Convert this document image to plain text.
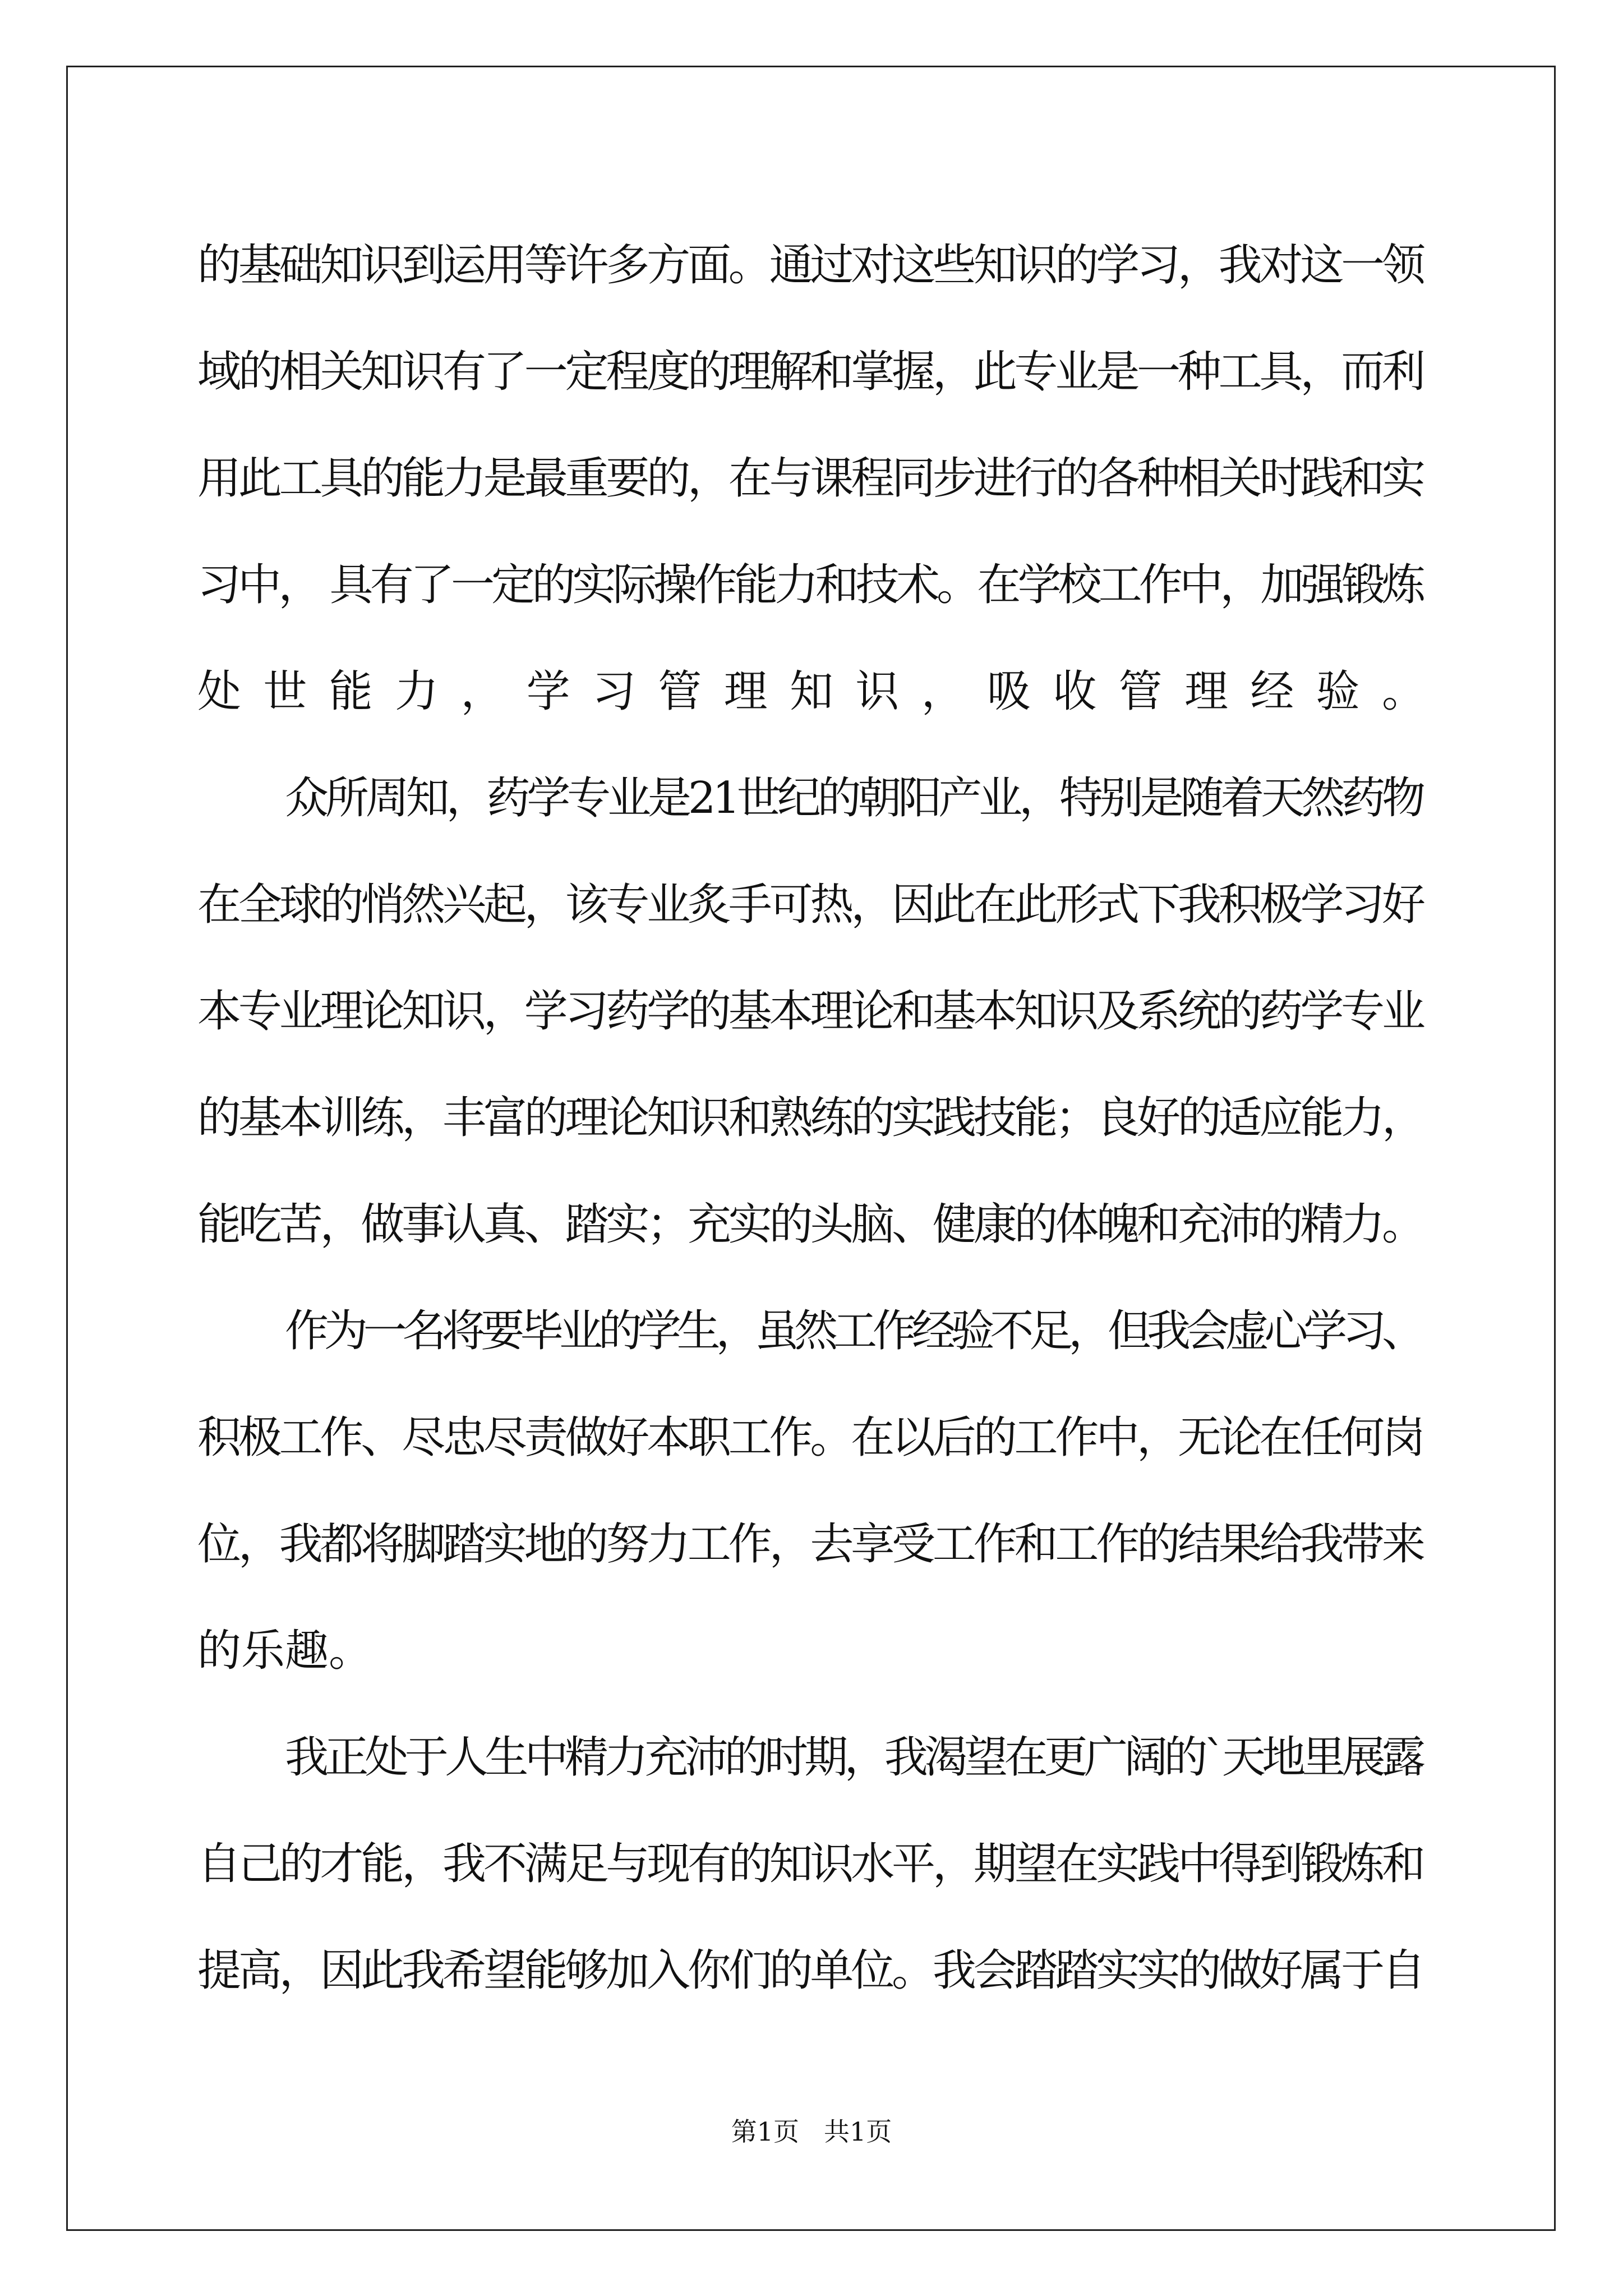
的基础知识到运用等许多方面。通过对这些知识的学习，我对这一领
域的相关知识有了一定程度的理解和掌握，此专业是一种工具，而利
用此工具的能力是最重要的，在与课程同步进行的各种相关时践和实
习中， 具有了一定的实际操作能力和技术。在学校工作中，加强锻炼
处世能力，学习管理知识，吸收管理经验。
众所周知，药学专业是21世纪的朝阳产业，特别是随着天然药物
在全球的悄然兴起，该专业炙手可热，因此在此形式下我积极学习好
本专业理论知识，学习药学的基本理论和基本知识及系统的药学专业
的基本训练，丰富的理论知识和熟练的实践技能；良好的适应能力，
能吃苦，做事认真、踏实；充实的头脑、健康的体魄和充沛的精力。
作为一名将要毕业的学生，虽然工作经验不足，但我会虚心学习、
积极工作、尽忠尽责做好本职工作。在以后的工作中，无论在任何岗
位，我都将脚踏实地的努力工作，去享受工作和工作的结果给我带来
的乐趣。
我正处于人生中精力充沛的时期，我渴望在更广阔的`天地里展露
自己的才能，我不满足与现有的知识水平，期望在实践中得到锻炼和
提高，因此我希望能够加入你们的单位。我会踏踏实实的做好属于自
第1页 共1页
